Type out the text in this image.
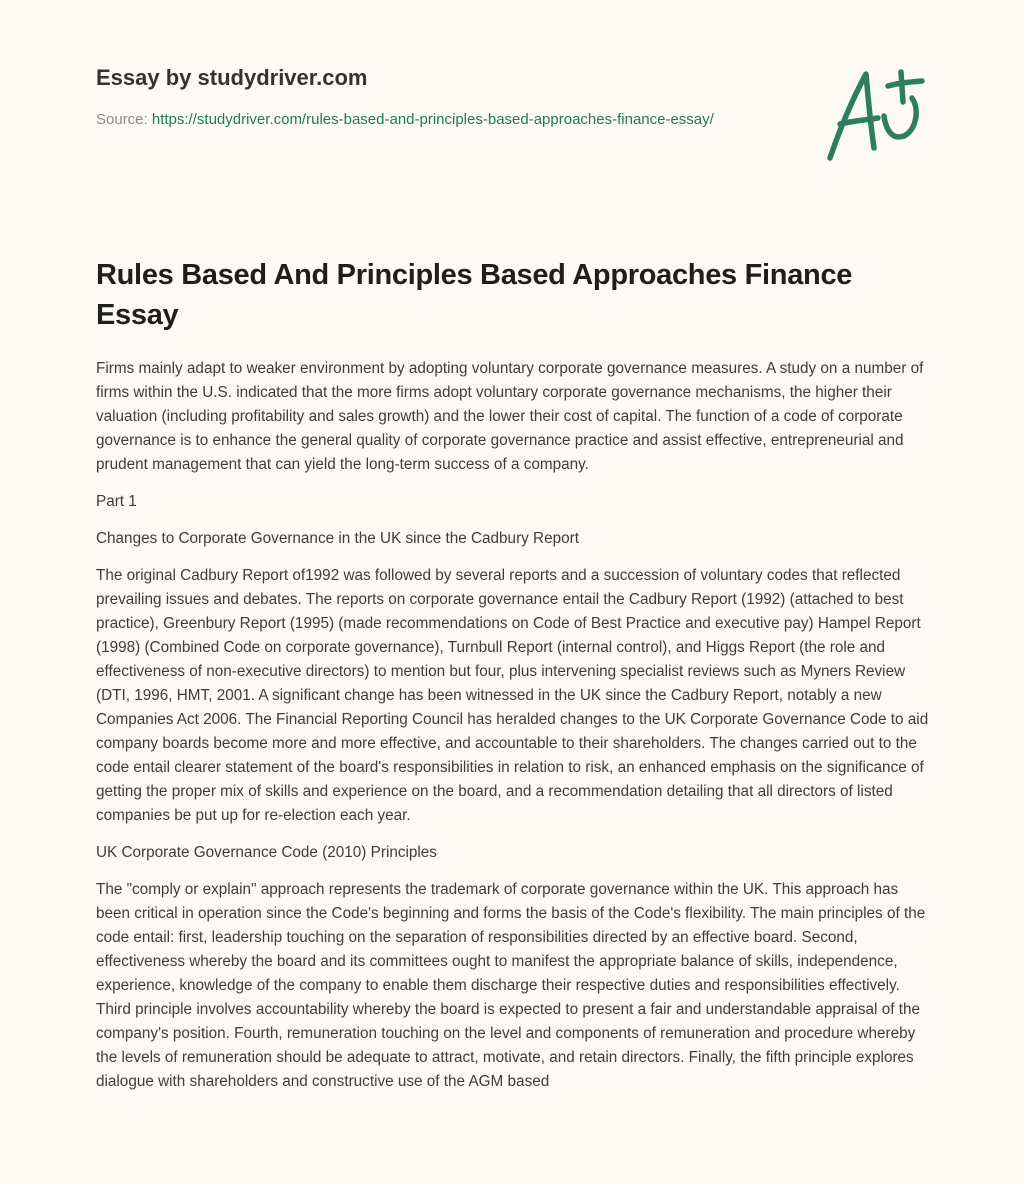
Essay by studydriver.com
Source: https://studydriver.com/rules-based-and-principles-based-approaches-finance-essay/
Rules Based And Principles Based Approaches Finance Essay

Firms mainly adapt to weaker environment by adopting voluntary corporate governance measures. A study on a number of firms within the U.S. indicated that the more firms adopt voluntary corporate governance mechanisms, the higher their valuation (including profitability and sales growth) and the lower their cost of capital. The function of a code of corporate governance is to enhance the general quality of corporate governance practice and assist effective, entrepreneurial and prudent management that can yield the long-term success of a company.

Part 1

Changes to Corporate Governance in the UK since the Cadbury Report

The original Cadbury Report of1992 was followed by several reports and a succession of voluntary codes that reflected prevailing issues and debates. The reports on corporate governance entail the Cadbury Report (1992) (attached to best practice), Greenbury Report (1995) (made recommendations on Code of Best Practice and executive pay) Hampel Report (1998) (Combined Code on corporate governance), Turnbull Report (internal control), and Higgs Report (the role and effectiveness of non-executive directors) to mention but four, plus intervening specialist reviews such as Myners Review (DTI, 1996, HMT, 2001. A significant change has been witnessed in the UK since the Cadbury Report, notably a new Companies Act 2006. The Financial Reporting Council has heralded changes to the UK Corporate Governance Code to aid company boards become more and more effective, and accountable to their shareholders. The changes carried out to the code entail clearer statement of the board's responsibilities in relation to risk, an enhanced emphasis on the significance of getting the proper mix of skills and experience on the board, and a recommendation detailing that all directors of listed companies be put up for re-election each year.

UK Corporate Governance Code (2010) Principles

The "comply or explain" approach represents the trademark of corporate governance within the UK. This approach has been critical in operation since the Code's beginning and forms the basis of the Code's flexibility. The main principles of the code entail: first, leadership touching on the separation of responsibilities directed by an effective board. Second, effectiveness whereby the board and its committees ought to manifest the appropriate balance of skills, independence, experience, knowledge of the company to enable them discharge their respective duties and responsibilities effectively. Third principle involves accountability whereby the board is expected to present a fair and understandable appraisal of the company's position. Fourth, remuneration touching on the level and components of remuneration and procedure whereby the levels of remuneration should be adequate to attract, motivate, and retain directors. Finally, the fifth principle explores dialogue with shareholders and constructive use of the AGM based
